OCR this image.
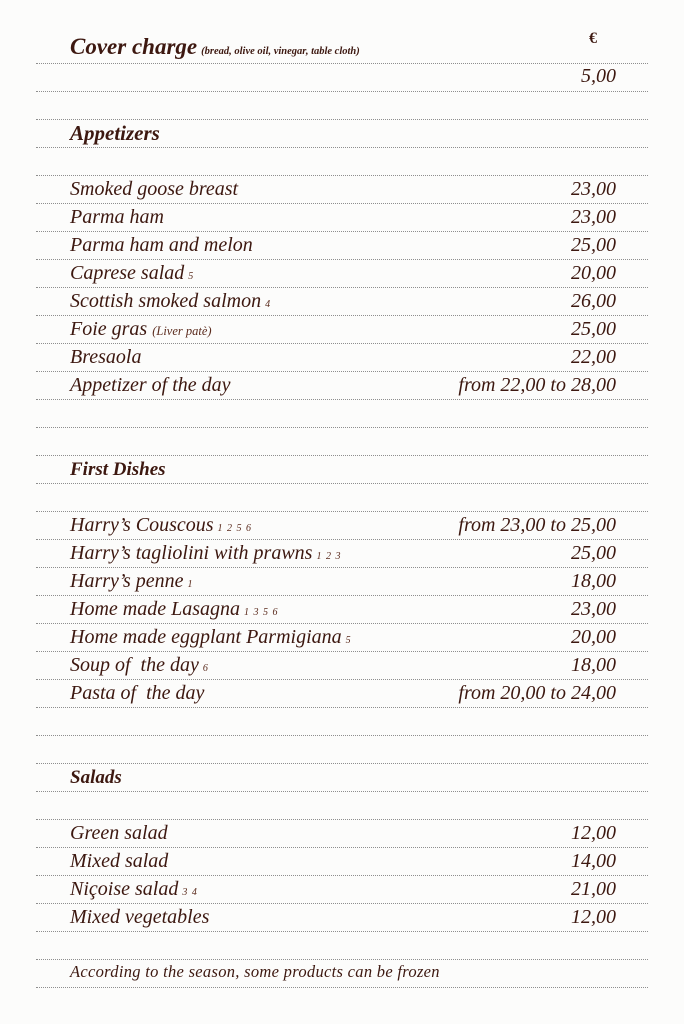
Cover charge (bread, olive oil, vinegar, table cloth)
€
5,00
Appetizers
Smoked goose breast	23,00
Parma ham	23,00
Parma ham and melon	25,00
Caprese salad 5	20,00
Scottish smoked salmon 4	26,00
Foie gras (Liver patè)	25,00
Bresaola	22,00
Appetizer of the day	from 22,00 to 28,00
First Dishes
Harry’s Couscous 1 2 5 6	from 23,00 to 25,00
Harry’s tagliolini with prawns 1 2 3	25,00
Harry’s penne 1	18,00
Home made Lasagna 1 3 5 6	23,00
Home made eggplant Parmigiana 5	20,00
Soup of  the day 6	18,00
Pasta of  the day	from 20,00 to 24,00
Salads
Green salad	12,00
Mixed salad	14,00
Niçoise salad 3 4	21,00
Mixed vegetables	12,00
According to the season, some products can be frozen
